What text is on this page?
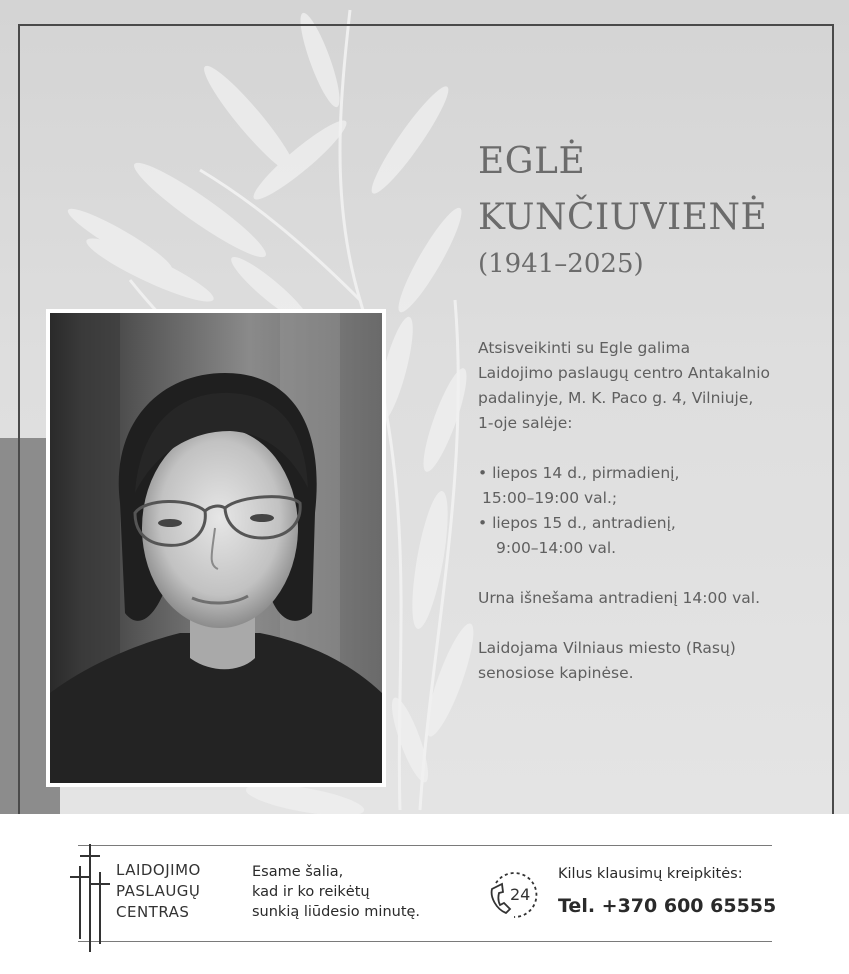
EGLĖ
KUNČIUVIENĖ
(1941–2025)

Atsisveikinti su Egle galima

Laidojimo paslaugų centro Antakalnio

padalinyje, M. K. Paco g. 4, Vilniuje,

1-oje salėje:

• liepos 14 d., pirmadienį,

15:00–19:00 val.;

• liepos 15 d., antradienį,

9:00–14:00 val.

Urna išnešama antradienį 14:00 val.

Laidojama Vilniaus miesto (Rasų)

senosiose kapinėse.

LAIDOJIMO
PASLAUGŲ
CENTRAS
Esame šalia,
kad ir ko reikėtų
sunkią liūdesio minutę.
24
Kilus klausimų kreipkitės:
Tel. +370 600 65555
